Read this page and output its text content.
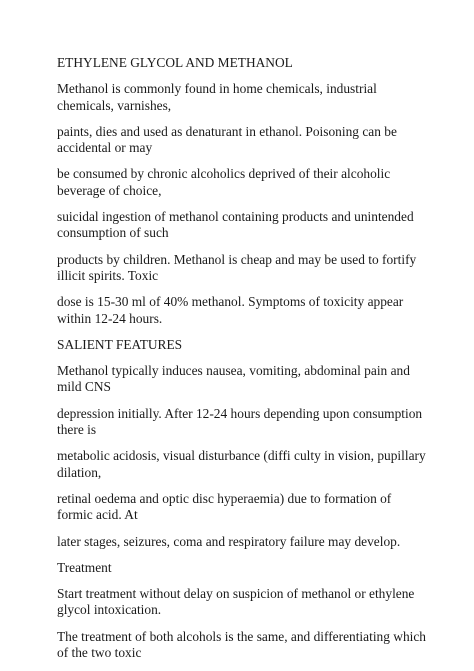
ETHYLENE GLYCOL AND METHANOL

Methanol is commonly found in home chemicals, industrial chemicals, varnishes,

paints, dies and used as denaturant in ethanol. Poisoning can be accidental or may

be consumed by chronic alcoholics deprived of their alcoholic beverage of choice,

suicidal ingestion of methanol containing products and unintended consumption of such

products by children. Methanol is cheap and may be used to fortify illicit spirits. Toxic

dose is 15-30 ml of 40% methanol. Symptoms of toxicity appear within 12-24 hours.

SALIENT FEATURES

Methanol typically induces nausea, vomiting, abdominal pain and mild CNS

depression initially. After 12-24 hours depending upon consumption there is

metabolic acidosis, visual disturbance (diffi culty in vision, pupillary dilation,

retinal oedema and optic disc hyperaemia) due to formation of formic acid. At

later stages, seizures, coma and respiratory failure may develop.

Treatment

Start treatment without delay on suspicion of methanol or ethylene glycol intoxication.

The treatment of both alcohols is the same, and differentiating which of the two toxic
